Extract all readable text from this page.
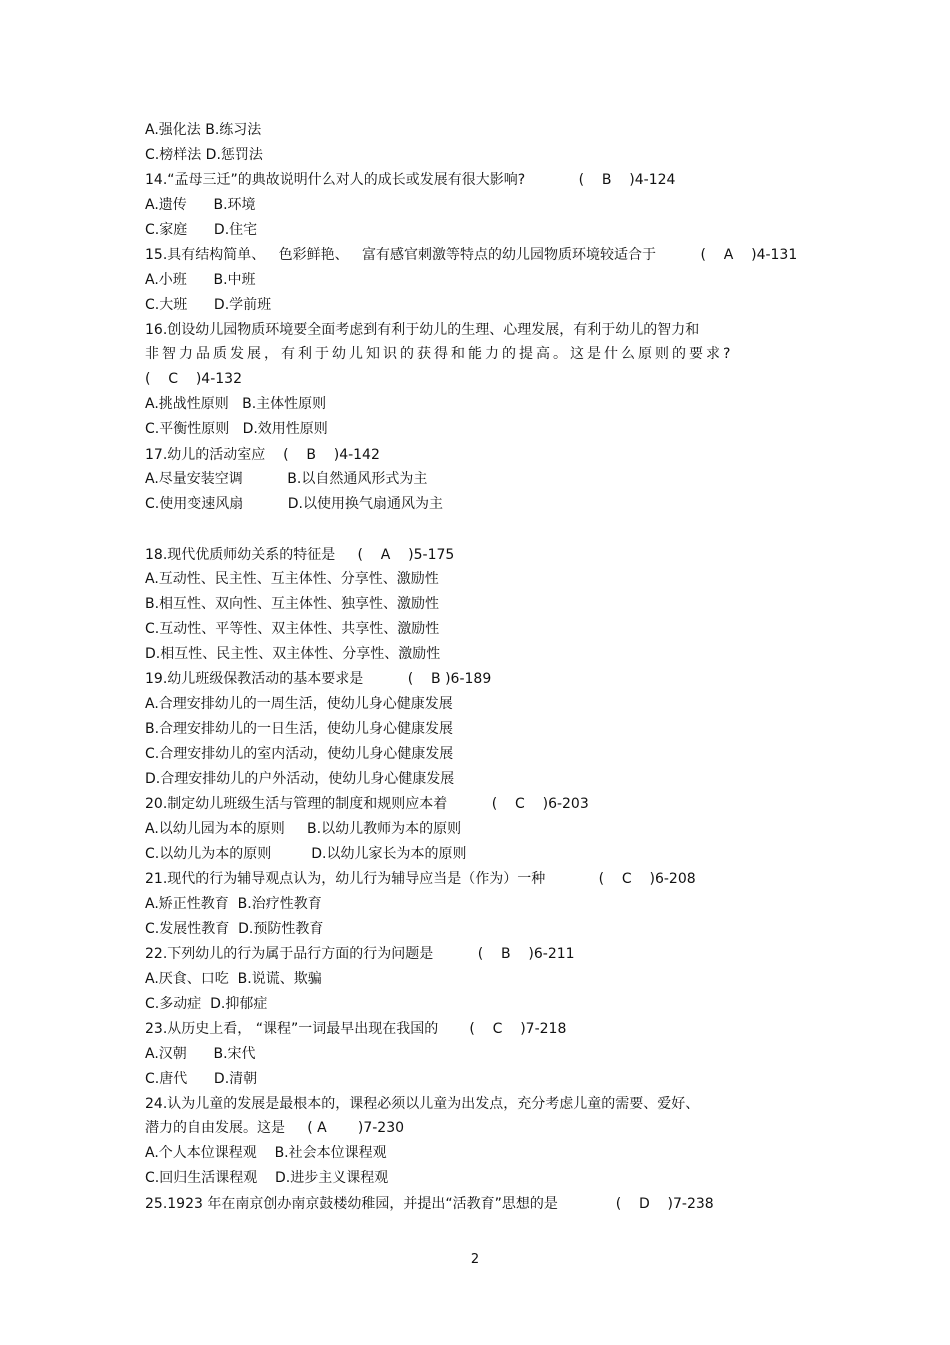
A.强化法 B.练习法
C.榜样法 D.惩罚法
14.“孟母三迁”的典故说明什么对人的成长或发展有很大影响?            (    B    )4-124
A.遗传      B.环境
C.家庭      D.住宅
15.具有结构简单、   色彩鲜艳、   富有感官刺激等特点的幼儿园物质环境较适合于          (    A    )4-131
A.小班      B.中班
C.大班      D.学前班
16.创设幼儿园物质环境要全面考虑到有利于幼儿的生理、心理发展，有利于幼儿的智力和
非智力品质发展，有利于幼儿知识的获得和能力的提高。这是什么原则的要求?
(    C    )4-132
A.挑战性原则   B.主体性原则
C.平衡性原则   D.效用性原则
17.幼儿的活动室应    (    B    )4-142
A.尽量安装空调          B.以自然通风形式为主
C.使用变速风扇          D.以使用换气扇通风为主
18.现代优质师幼关系的特征是     (    A    )5-175
A.互动性、民主性、互主体性、分享性、激励性
B.相互性、双向性、互主体性、独享性、激励性
C.互动性、平等性、双主体性、共享性、激励性
D.相互性、民主性、双主体性、分享性、激励性
19.幼儿班级保教活动的基本要求是          (    B )6-189
A.合理安排幼儿的一周生活，使幼儿身心健康发展
B.合理安排幼儿的一日生活，使幼儿身心健康发展
C.合理安排幼儿的室内活动，使幼儿身心健康发展
D.合理安排幼儿的户外活动，使幼儿身心健康发展
20.制定幼儿班级生活与管理的制度和规则应本着          (    C    )6-203
A.以幼儿园为本的原则     B.以幼儿教师为本的原则
C.以幼儿为本的原则         D.以幼儿家长为本的原则
21.现代的行为辅导观点认为，幼儿行为辅导应当是（作为）一种            (    C    )6-208
A.矫正性教育  B.治疗性教育
C.发展性教育  D.预防性教育
22.下列幼儿的行为属于品行方面的行为问题是          (    B    )6-211
A.厌食、口吃  B.说谎、欺骗
C.多动症  D.抑郁症
23.从历史上看， “课程”一词最早出现在我国的       (    C    )7-218
A.汉朝      B.宋代
C.唐代      D.清朝
24.认为儿童的发展是最根本的，课程必须以儿童为出发点，充分考虑儿童的需要、爱好、
潜力的自由发展。这是     ( A       )7-230
A.个人本位课程观    B.社会本位课程观
C.回归生活课程观    D.进步主义课程观
25.1923 年在南京创办南京鼓楼幼稚园，并提出“活教育”思想的是             (    D    )7-238
2
